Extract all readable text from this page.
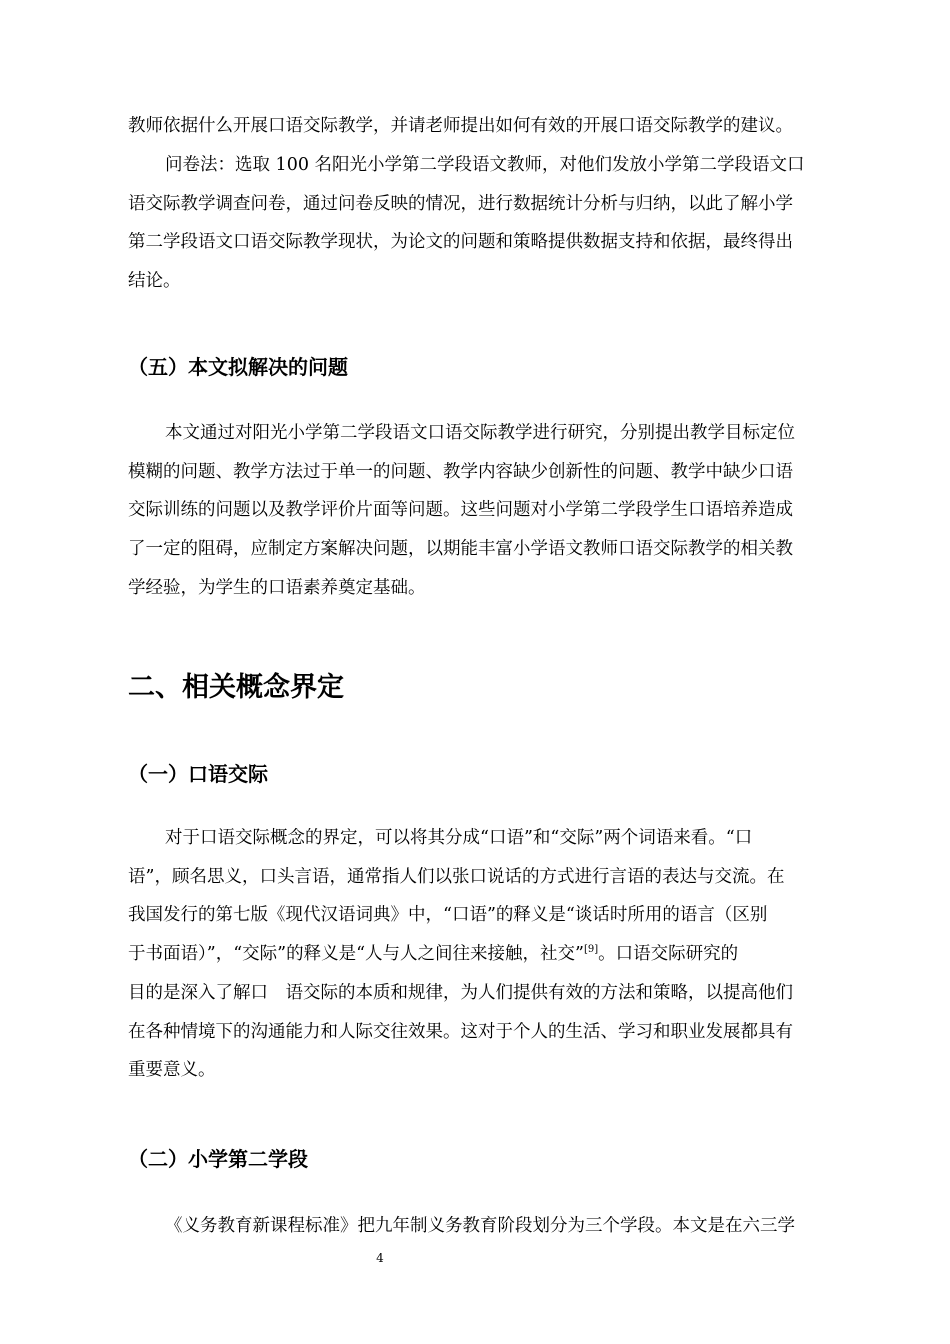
教师依据什么开展口语交际教学，并请老师提出如何有效的开展口语交际教学的建议。

问卷法：选取 100 名阳光小学第二学段语文教师，对他们发放小学第二学段语文口
语交际教学调查问卷，通过问卷反映的情况，进行数据统计分析与归纳，以此了解小学
第二学段语文口语交际教学现状，为论文的问题和策略提供数据支持和依据，最终得出
结论。

（五）本文拟解决的问题

本文通过对阳光小学第二学段语文口语交际教学进行研究，分别提出教学目标定位
模糊的问题、教学方法过于单一的问题、教学内容缺少创新性的问题、教学中缺少口语
交际训练的问题以及教学评价片面等问题。这些问题对小学第二学段学生口语培养造成
了一定的阻碍，应制定方案解决问题，以期能丰富小学语文教师口语交际教学的相关教
学经验，为学生的口语素养奠定基础。

二、相关概念界定
（一）口语交际

对于口语交际概念的界定，可以将其分成“口语”和“交际”两个词语来看。“口
语”，顾名思义，口头言语，通常指人们以张口说话的方式进行言语的表达与交流。在
我国发行的第七版《现代汉语词典》中，“口语”的释义是“谈话时所用的语言（区别
于书面语）”，“交际”的释义是“人与人之间往来接触，社交”[9]。口语交际研究的
目的是深入了解口　语交际的本质和规律，为人们提供有效的方法和策略，以提高他们
在各种情境下的沟通能力和人际交往效果。这对于个人的生活、学习和职业发展都具有
重要意义。

（二）小学第二学段

《义务教育新课程标准》把九年制义务教育阶段划分为三个学段。本文是在六三学

4
